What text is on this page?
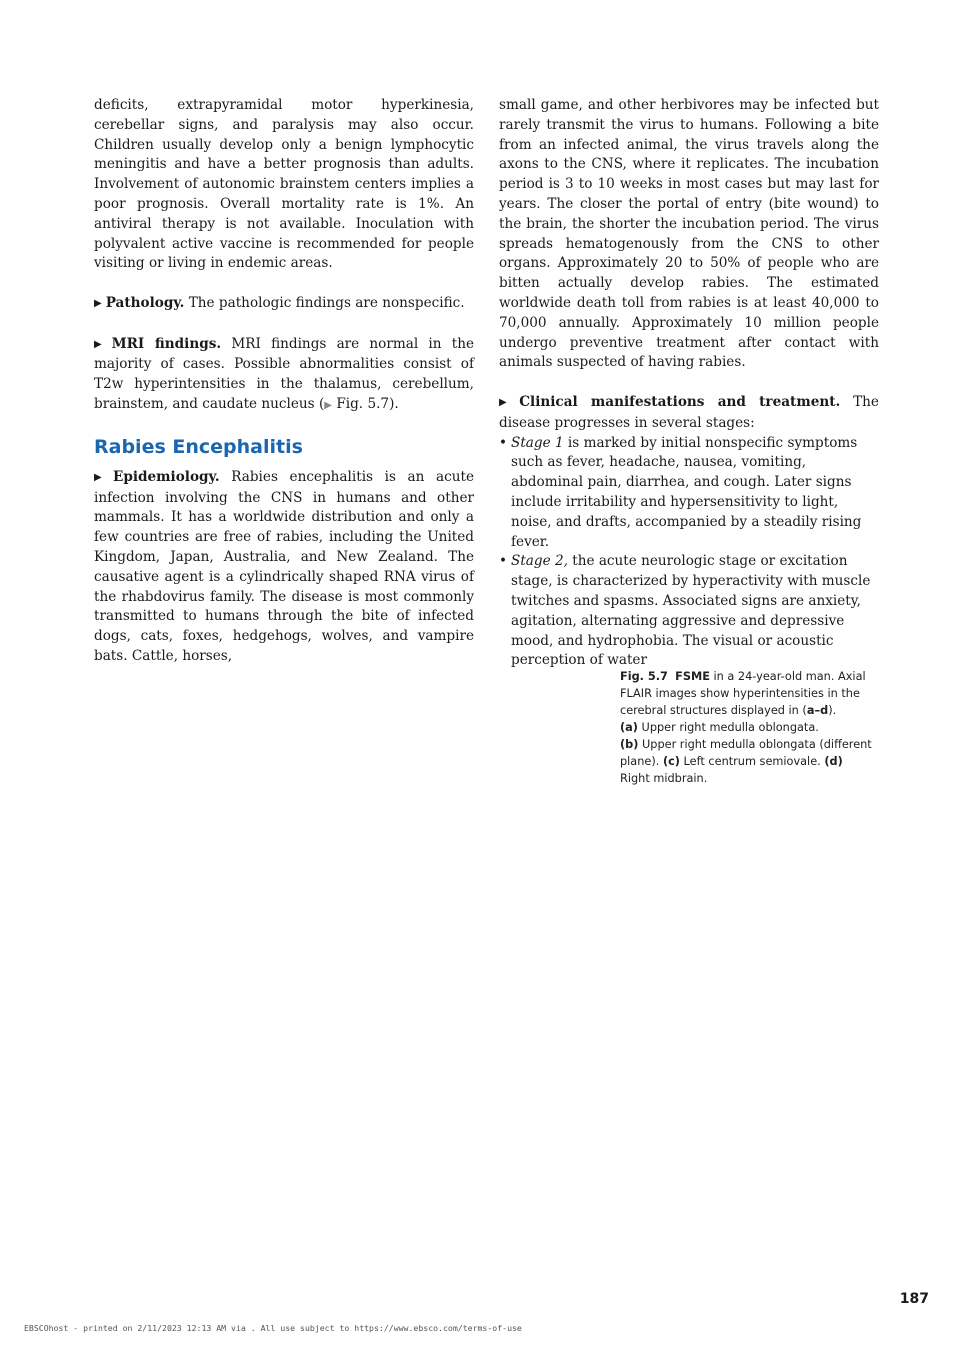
deficits, extrapyramidal motor hyperkinesia, cerebellar signs, and paralysis may also occur. Children usually develop only a benign lymphocytic meningitis and have a better prognosis than adults. Involvement of autonomic brainstem centers implies a poor prognosis. Overall mortality rate is 1%. An antiviral therapy is not available. Inoculation with polyvalent active vaccine is recommended for people visiting or living in endemic areas.

▶ Pathology. The pathologic findings are nonspecific.

▶ MRI findings. MRI findings are normal in the majority of cases. Possible abnormalities consist of T2w hyperintensities in the thalamus, cerebellum, brainstem, and caudate nucleus (▶ Fig. 5.7).

Rabies Encephalitis

▶ Epidemiology. Rabies encephalitis is an acute infection involving the CNS in humans and other mammals. It has a worldwide distribution and only a few countries are free of rabies, including the United Kingdom, Japan, Australia, and New Zealand. The causative agent is a cylindrically shaped RNA virus of the rhabdovirus family. The disease is most commonly transmitted to humans through the bite of infected dogs, cats, foxes, hedgehogs, wolves, and vampire bats. Cattle, horses,

small game, and other herbivores may be infected but rarely transmit the virus to humans. Following a bite from an infected animal, the virus travels along the axons to the CNS, where it replicates. The incubation period is 3 to 10 weeks in most cases but may last for years. The closer the portal of entry (bite wound) to the brain, the shorter the incubation period. The virus spreads hematogenously from the CNS to other organs. Approximately 20 to 50% of people who are bitten actually develop rabies. The estimated worldwide death toll from rabies is at least 40,000 to 70,000 annually. Approximately 10 million people undergo preventive treatment after contact with animals suspected of having rabies.

▶ Clinical manifestations and treatment. The disease progresses in several stages:

• Stage 1 is marked by initial nonspecific symptoms such as fever, headache, nausea, vomiting, abdominal pain, diarrhea, and cough. Later signs include irritability and hypersensitivity to light, noise, and drafts, accompanied by a steadily rising fever.
• Stage 2, the acute neurologic stage or excitation stage, is characterized by hyperactivity with muscle twitches and spasms. Associated signs are anxiety, agitation, alternating aggressive and depressive mood, and hydrophobia. The visual or acoustic perception of water
Fig. 5.7 FSME in a 24-year-old man. Axial FLAIR images show hyperintensities in the cerebral structures displayed in (a–d).
(a) Upper right medulla oblongata.
(b) Upper right medulla oblongata (different plane). (c) Left centrum semiovale. (d) Right midbrain.
187
EBSCOhost - printed on 2/11/2023 12:13 AM via . All use subject to https://www.ebsco.com/terms-of-use
